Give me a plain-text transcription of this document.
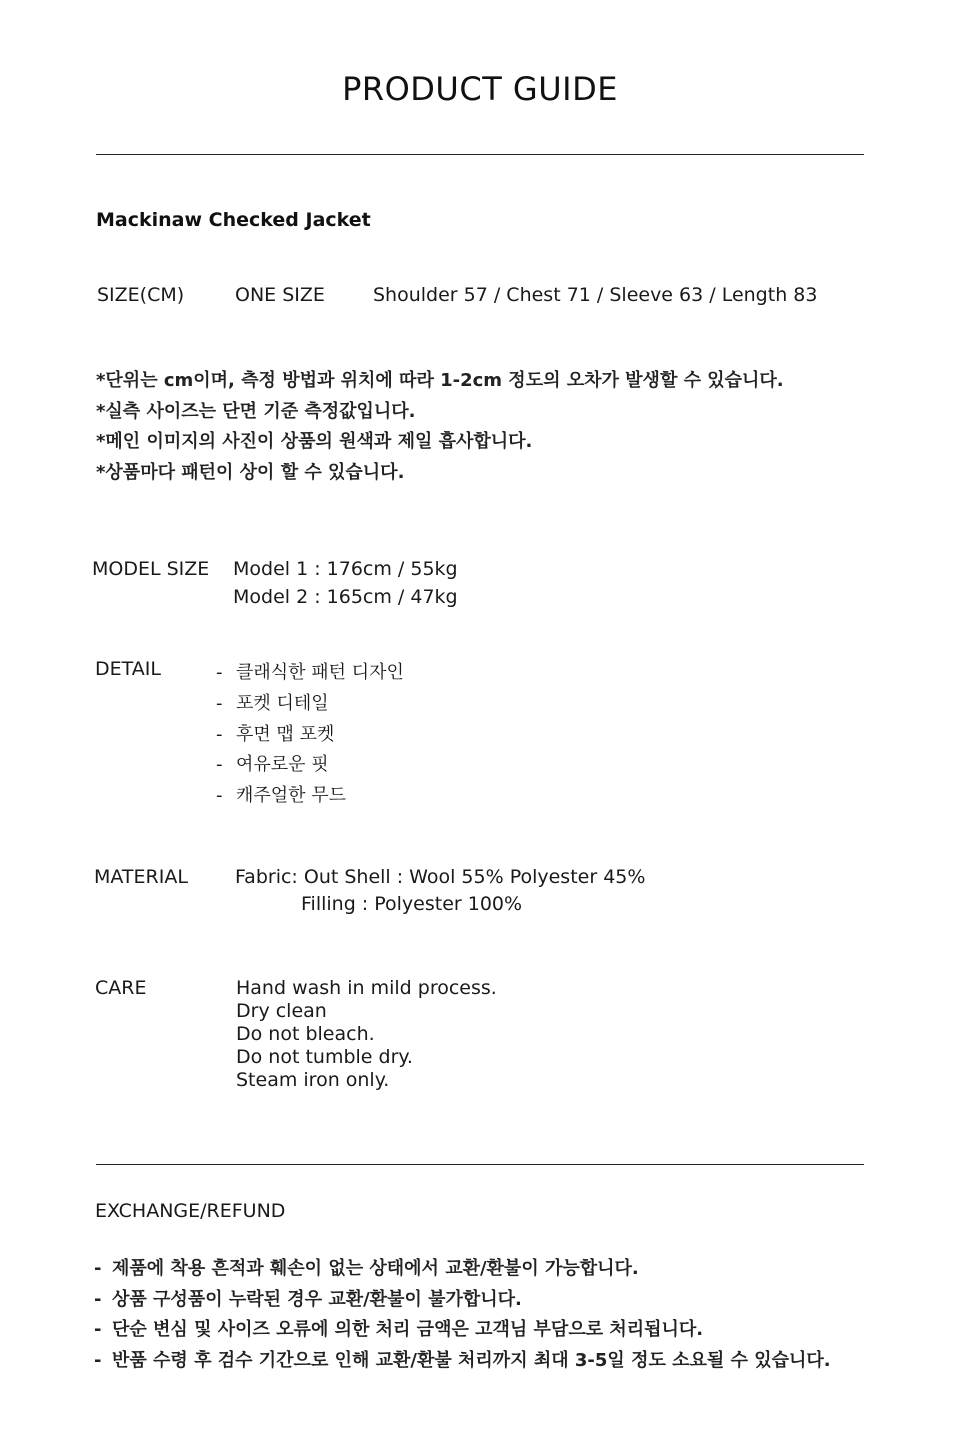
PRODUCT GUIDE
Mackinaw Checked Jacket
SIZE(CM)	ONE SIZE	Shoulder 57 / Chest 71 / Sleeve 63 / Length 83
*단위는 cm이며, 측정 방법과 위치에 따라 1-2cm 정도의 오차가 발생할 수 있습니다.
*실측 사이즈는 단면 기준 측정값입니다.
*메인 이미지의 사진이 상품의 원색과 제일 흡사합니다.
*상품마다 패턴이 상이 할 수 있습니다.
MODEL SIZE Model 1 : 176cm / 55kg
Model 2 : 165cm / 47kg
DETAIL	- 클래식한 패턴 디자인
- 포켓 디테일
- 후면 맵 포켓
- 여유로운 핏
- 캐주얼한 무드
MATERIAL Fabric: Out Shell : Wool 55% Polyester 45%
Filling : Polyester 100%
CARE	Hand wash in mild process.
Dry clean
Do not bleach.
Do not tumble dry.
Steam iron only.
EXCHANGE/REFUND
- 제품에 착용 흔적과 훼손이 없는 상태에서 교환/환불이 가능합니다.
- 상품 구성품이 누락된 경우 교환/환불이 불가합니다.
- 단순 변심 및 사이즈 오류에 의한 처리 금액은 고객님 부담으로 처리됩니다.
- 반품 수령 후 검수 기간으로 인해 교환/환불 처리까지 최대 3-5일 정도 소요될 수 있습니다.
